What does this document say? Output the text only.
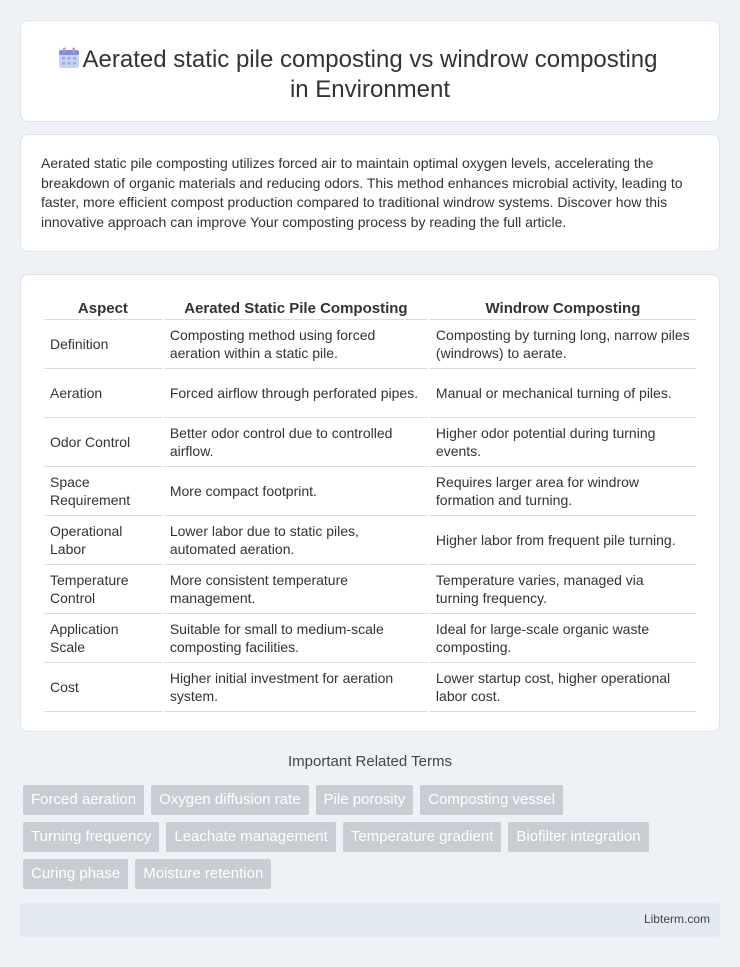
Aerated static pile composting vs windrow composting
in Environment

Aerated static pile composting utilizes forced air to maintain optimal oxygen levels, accelerating the breakdown of organic materials and reducing odors. This method enhances microbial activity, leading to faster, more efficient compost production compared to traditional windrow systems. Discover how this innovative approach can improve Your composting process by reading the full article.

Aspect	Aerated Static Pile Composting	Windrow Composting
Definition	Composting method using forced aeration within a static pile.	Composting by turning long, narrow piles (windrows) to aerate.
Aeration	Forced airflow through perforated pipes.	Manual or mechanical turning of piles.
Odor Control	Better odor control due to controlled airflow.	Higher odor potential during turning events.
Space Requirement	More compact footprint.	Requires larger area for windrow formation and turning.
Operational Labor	Lower labor due to static piles, automated aeration.	Higher labor from frequent pile turning.
Temperature Control	More consistent temperature management.	Temperature varies, managed via turning frequency.
Application Scale	Suitable for small to medium-scale composting facilities.	Ideal for large-scale organic waste composting.
Cost	Higher initial investment for aeration system.	Lower startup cost, higher operational labor cost.
Important Related Terms
Forced aeration	Oxygen diffusion rate	Pile porosity	Composting vessel
Turning frequency	Leachate management	Temperature gradient	Biofilter integration
Curing phase	Moisture retention
Libterm.com
